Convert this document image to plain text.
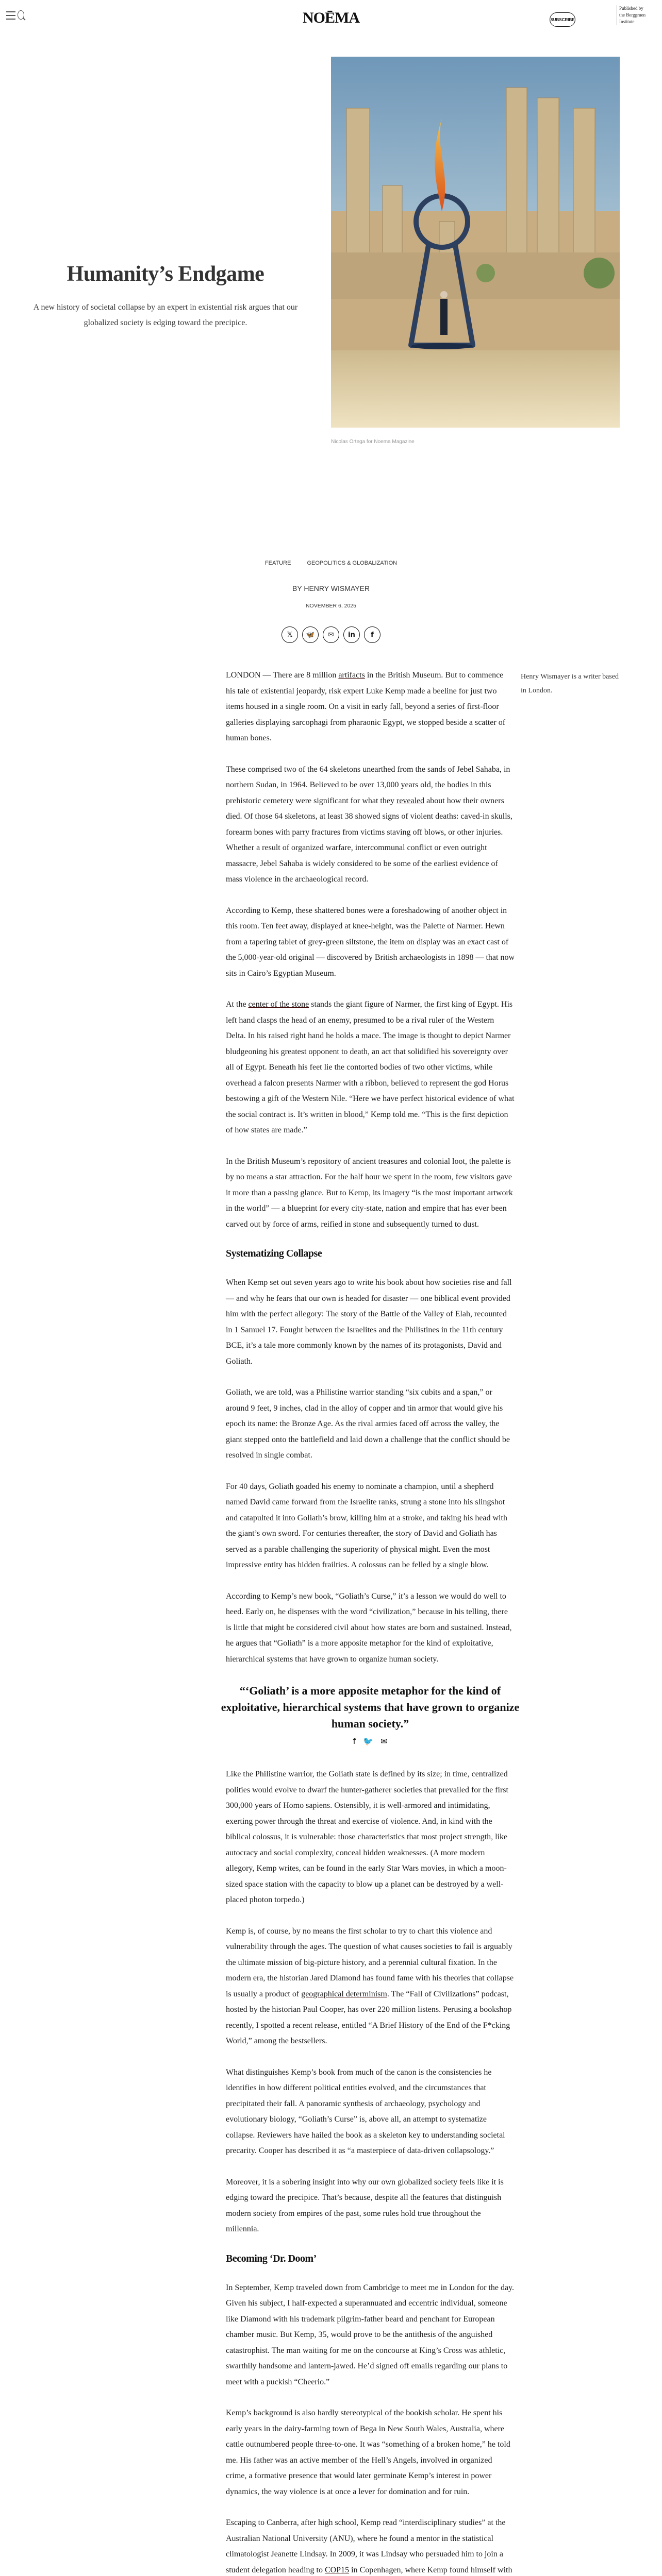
NOĒMA	SUBSCRIBE
Published by the Berggruen Institute
Humanity’s Endgame

A new history of societal collapse by an expert in existential risk argues that our globalized society is edging toward the precipice.

Nicolas Ortega for Noema Magazine
FEATURE	GEOPOLITICS & GLOBALIZATION
BY HENRY WISMAYER
NOVEMBER 6, 2025
𝕏	🦋	✉	in	f
Henry Wismayer is a writer based in London.

LONDON — There are 8 million artifacts in the British Museum. But to commence his tale of existential jeopardy, risk expert Luke Kemp made a beeline for just two items housed in a single room. On a visit in early fall, beyond a series of first-floor galleries displaying sarcophagi from pharaonic Egypt, we stopped beside a scatter of human bones.

These comprised two of the 64 skeletons unearthed from the sands of Jebel Sahaba, in northern Sudan, in 1964. Believed to be over 13,000 years old, the bodies in this prehistoric cemetery were significant for what they revealed about how their owners died. Of those 64 skeletons, at least 38 showed signs of violent deaths: caved-in skulls, forearm bones with parry fractures from victims staving off blows, or other injuries. Whether a result of organized warfare, intercommunal conflict or even outright massacre, Jebel Sahaba is widely considered to be some of the earliest evidence of mass violence in the archaeological record.

According to Kemp, these shattered bones were a foreshadowing of another object in this room. Ten feet away, displayed at knee-height, was the Palette of Narmer. Hewn from a tapering tablet of grey-green siltstone, the item on display was an exact cast of the 5,000-year-old original — discovered by British archaeologists in 1898 — that now sits in Cairo’s Egyptian Museum.

At the center of the stone stands the giant figure of Narmer, the first king of Egypt. His left hand clasps the head of an enemy, presumed to be a rival ruler of the Western Delta. In his raised right hand he holds a mace. The image is thought to depict Narmer bludgeoning his greatest opponent to death, an act that solidified his sovereignty over all of Egypt. Beneath his feet lie the contorted bodies of two other victims, while overhead a falcon presents Narmer with a ribbon, believed to represent the god Horus bestowing a gift of the Western Nile. “Here we have perfect historical evidence of what the social contract is. It’s written in blood,” Kemp told me. “This is the first depiction of how states are made.”

In the British Museum’s repository of ancient treasures and colonial loot, the palette is by no means a star attraction. For the half hour we spent in the room, few visitors gave it more than a passing glance. But to Kemp, its imagery “is the most important artwork in the world” — a blueprint for every city-state, nation and empire that has ever been carved out by force of arms, reified in stone and subsequently turned to dust.

Systematizing Collapse

When Kemp set out seven years ago to write his book about how societies rise and fall — and why he fears that our own is headed for disaster — one biblical event provided him with the perfect allegory: The story of the Battle of the Valley of Elah, recounted in 1 Samuel 17. Fought between the Israelites and the Philistines in the 11th century BCE, it’s a tale more commonly known by the names of its protagonists, David and Goliath.

Goliath, we are told, was a Philistine warrior standing “six cubits and a span,” or around 9 feet, 9 inches, clad in the alloy of copper and tin armor that would give his epoch its name: the Bronze Age. As the rival armies faced off across the valley, the giant stepped onto the battlefield and laid down a challenge that the conflict should be resolved in single combat.

For 40 days, Goliath goaded his enemy to nominate a champion, until a shepherd named David came forward from the Israelite ranks, strung a stone into his slingshot and catapulted it into Goliath’s brow, killing him at a stroke, and taking his head with the giant’s own sword. For centuries thereafter, the story of David and Goliath has served as a parable challenging the superiority of physical might. Even the most impressive entity has hidden frailties. A colossus can be felled by a single blow.

According to Kemp’s new book, “Goliath’s Curse,” it’s a lesson we would do well to heed. Early on, he dispenses with the word “civilization,” because in his telling, there is little that might be considered civil about how states are born and sustained. Instead, he argues that “Goliath” is a more apposite metaphor for the kind of exploitative, hierarchical systems that have grown to organize human society.

“‘Goliath’ is a more apposite metaphor for the kind of exploitative, hierarchical systems that have grown to organize human society.”
f 🐦 ✉

Like the Philistine warrior, the Goliath state is defined by its size; in time, centralized polities would evolve to dwarf the hunter-gatherer societies that prevailed for the first 300,000 years of Homo sapiens. Ostensibly, it is well-armored and intimidating, exerting power through the threat and exercise of violence. And, in kind with the biblical colossus, it is vulnerable: those characteristics that most project strength, like autocracy and social complexity, conceal hidden weaknesses. (A more modern allegory, Kemp writes, can be found in the early Star Wars movies, in which a moon-sized space station with the capacity to blow up a planet can be destroyed by a well-placed photon torpedo.)

Kemp is, of course, by no means the first scholar to try to chart this violence and vulnerability through the ages. The question of what causes societies to fail is arguably the ultimate mission of big-picture history, and a perennial cultural fixation. In the modern era, the historian Jared Diamond has found fame with his theories that collapse is usually a product of geographical determinism. The “Fall of Civilizations” podcast, hosted by the historian Paul Cooper, has over 220 million listens. Perusing a bookshop recently, I spotted a recent release, entitled “A Brief History of the End of the F*cking World,” among the bestsellers.

What distinguishes Kemp’s book from much of the canon is the consistencies he identifies in how different political entities evolved, and the circumstances that precipitated their fall. A panoramic synthesis of archaeology, psychology and evolutionary biology, “Goliath’s Curse” is, above all, an attempt to systematize collapse. Reviewers have hailed the book as a skeleton key to understanding societal precarity. Cooper has described it as “a masterpiece of data-driven collapsology.”

Moreover, it is a sobering insight into why our own globalized society feels like it is edging toward the precipice. That’s because, despite all the features that distinguish modern society from empires of the past, some rules hold true throughout the millennia.

Becoming ‘Dr. Doom’

In September, Kemp traveled down from Cambridge to meet me in London for the day. Given his subject, I half-expected a superannuated and eccentric individual, someone like Diamond with his trademark pilgrim-father beard and penchant for European chamber music. But Kemp, 35, would prove to be the antithesis of the anguished catastrophist. The man waiting for me on the concourse at King’s Cross was athletic, swarthily handsome and lantern-jawed. He’d signed off emails regarding our plans to meet with a puckish “Cheerio.”

Kemp’s background is also hardly stereotypical of the bookish scholar. He spent his early years in the dairy-farming town of Bega in New South Wales, Australia, where cattle outnumbered people three-to-one. It was “something of a broken home,” he told me. His father was an active member of the Hell’s Angels, involved in organized crime, a formative presence that would later germinate Kemp’s interest in power dynamics, the way violence is at once a lever for domination and for ruin.

Escaping to Canberra, after high school, Kemp read “interdisciplinary studies” at the Australian National University (ANU), where he found a mentor in the statistical climatologist Jeanette Lindsay. In 2009, it was Lindsay who persuaded him to join a student delegation heading to COP15 in Copenhagen, where Kemp found himself with
